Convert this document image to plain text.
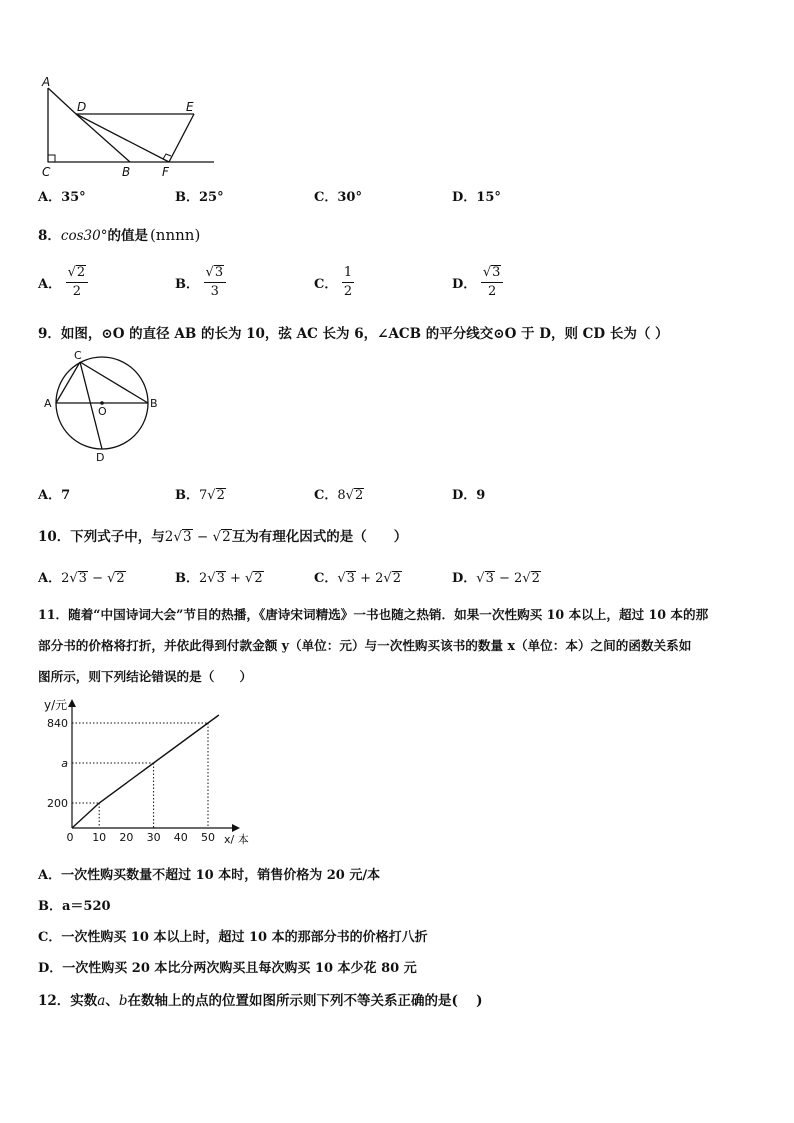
A
D	E
C	B	F
A．35°	B．25°	C．30°	D．15°
8．cos30°的值是 (nnnn)
A． $\frac{√2}{2}$	B． $\frac{√3}{3}$	C． $\frac{1}{2}$	D． $\frac{√3}{2}$
9．如图，⊙O 的直径 AB 的长为 10，弦 AC 长为 6，∠ACB 的平分线交⊙O 于 D，则 CD 长为（ ）
C
A	B
O
D
A．7	B．7√2	C．8√2	D．9
10．下列式子中，与2√3 − √2互为有理化因式的是（　　）
A．2√3 − √2	B．2√3 + √2	C．√3 + 2√2	D．√3 − 2√2
11．随着“中国诗词大会”节目的热播，《唐诗宋词精选》一书也随之热销．如果一次性购买 10 本以上，超过 10 本的那
部分书的价格将打折，并依此得到付款金额 y（单位：元）与一次性购买该书的数量 x（单位：本）之间的函数关系如
图所示，则下列结论错误的是（　　）
y/元
x/ 本
0 10 20 30 40 50
200
a
840
A．一次性购买数量不超过 10 本时，销售价格为 20 元/本
B．a＝520
C．一次性购买 10 本以上时，超过 10 本的那部分书的价格打八折
D．一次性购买 20 本比分两次购买且每次购买 10 本少花 80 元
12．实数a、b在数轴上的点的位置如图所示则下列不等关系正确的是(　 )
